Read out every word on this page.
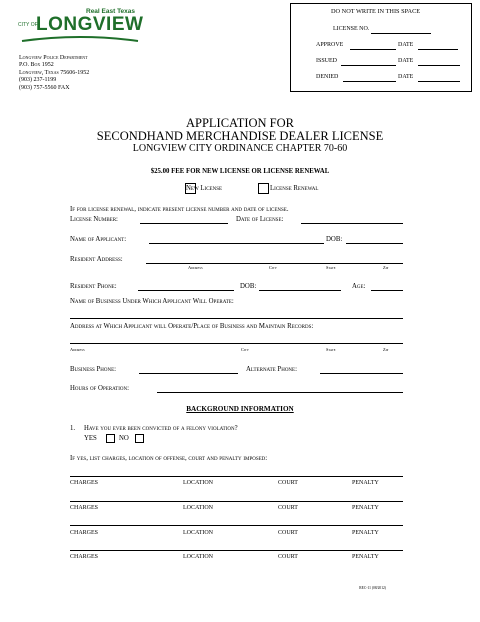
Real East Texas
CITY OF
LONGVIEW
Longview Police Department
P.O. Box 1952
Longview, Texas 75606-1952
(903) 237-1199
(903) 757-5560 FAX
DO NOT WRITE IN THIS SPACE
LICENSE NO.
APPROVE	DATE
ISSUED	DATE
DENIED	DATE
APPLICATION FOR
SECONDHAND MERCHANDISE DEALER LICENSE
LONGVIEW CITY ORDINANCE CHAPTER 70-60
$25.00 FEE FOR NEW LICENSE OR LICENSE RENEWAL
New License	License Renewal
If for license renewal, indicate present license number and date of license.
License Number:	Date of License:
Name of Applicant:	DOB:
Resident Address:
Address	City	State	Zip
Resident Phone:	DOB:	Age:
Name of Business Under Which Applicant Will Operate:
Address at Which Applicant will Operate/Place of Business and Maintain Records:
Address	City	State	Zip
Business Phone:	Alternate Phone:
Hours of Operation:
BACKGROUND INFORMATION
1. Have you ever been convicted of a felony violation?
YES	NO
If yes, list charges, location of offense, court and penalty imposed:
CHARGES	LOCATION	COURT	PENALTY
CHARGES	LOCATION	COURT	PENALTY
CHARGES	LOCATION	COURT	PENALTY
CHARGES	LOCATION	COURT	PENALTY
REC-11 (08/2012)
